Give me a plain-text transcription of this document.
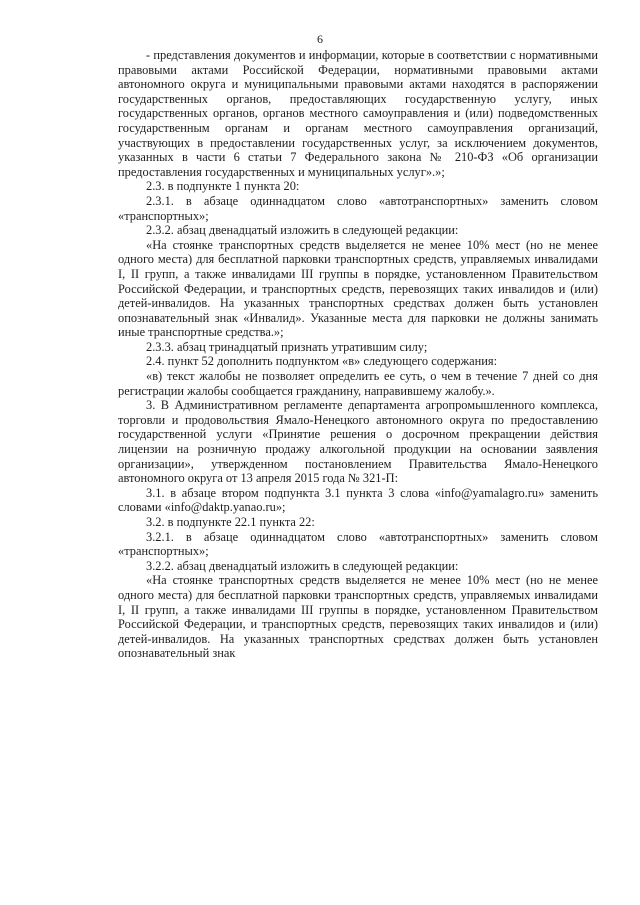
6

- представления документов и информации, которые в соответствии с нормативными правовыми актами Российской Федерации, нормативными правовыми актами автономного округа и муниципальными правовыми актами находятся в распоряжении государственных органов, предоставляющих государственную услугу, иных государственных органов, органов местного самоуправления и (или) подведомственных государственным органам и органам местного самоуправления организаций, участвующих в предоставлении государственных услуг, за исключением документов, указанных в части 6 статьи 7 Федерального закона № 210-ФЗ «Об организации предоставления государственных и муниципальных услуг».»;

2.3. в подпункте 1 пункта 20:

2.3.1. в абзаце одиннадцатом слово «автотранспортных» заменить словом «транспортных»;

2.3.2. абзац двенадцатый изложить в следующей редакции:

«На стоянке транспортных средств выделяется не менее 10% мест (но не менее одного места) для бесплатной парковки транспортных средств, управляемых инвалидами I, II групп, а также инвалидами III группы в порядке, установленном Правительством Российской Федерации, и транспортных средств, перевозящих таких инвалидов и (или) детей-инвалидов. На указанных транспортных средствах должен быть установлен опознавательный знак «Инвалид». Указанные места для парковки не должны занимать иные транспортные средства.»;

2.3.3. абзац тринадцатый признать утратившим силу;

2.4. пункт 52 дополнить подпунктом «в» следующего содержания:

«в) текст жалобы не позволяет определить ее суть, о чем в течение 7 дней со дня регистрации жалобы сообщается гражданину, направившему жалобу.».

3. В Административном регламенте департамента агропромышленного комплекса, торговли и продовольствия Ямало-Ненецкого автономного округа по предоставлению государственной услуги «Принятие решения о досрочном прекращении действия лицензии на розничную продажу алкогольной продукции на основании заявления организации», утвержденном постановлением Правительства Ямало-Ненецкого автономного округа от 13 апреля 2015 года № 321-П:

3.1. в абзаце втором подпункта 3.1 пункта 3 слова «info@yamalagro.ru» заменить словами «info@daktp.yanao.ru»;

3.2. в подпункте 22.1 пункта 22:

3.2.1. в абзаце одиннадцатом слово «автотранспортных» заменить словом «транспортных»;

3.2.2. абзац двенадцатый изложить в следующей редакции:

«На стоянке транспортных средств выделяется не менее 10% мест (но не менее одного места) для бесплатной парковки транспортных средств, управляемых инвалидами I, II групп, а также инвалидами III группы в порядке, установленном Правительством Российской Федерации, и транспортных средств, перевозящих таких инвалидов и (или) детей-инвалидов. На указанных транспортных средствах должен быть установлен опознавательный знак
